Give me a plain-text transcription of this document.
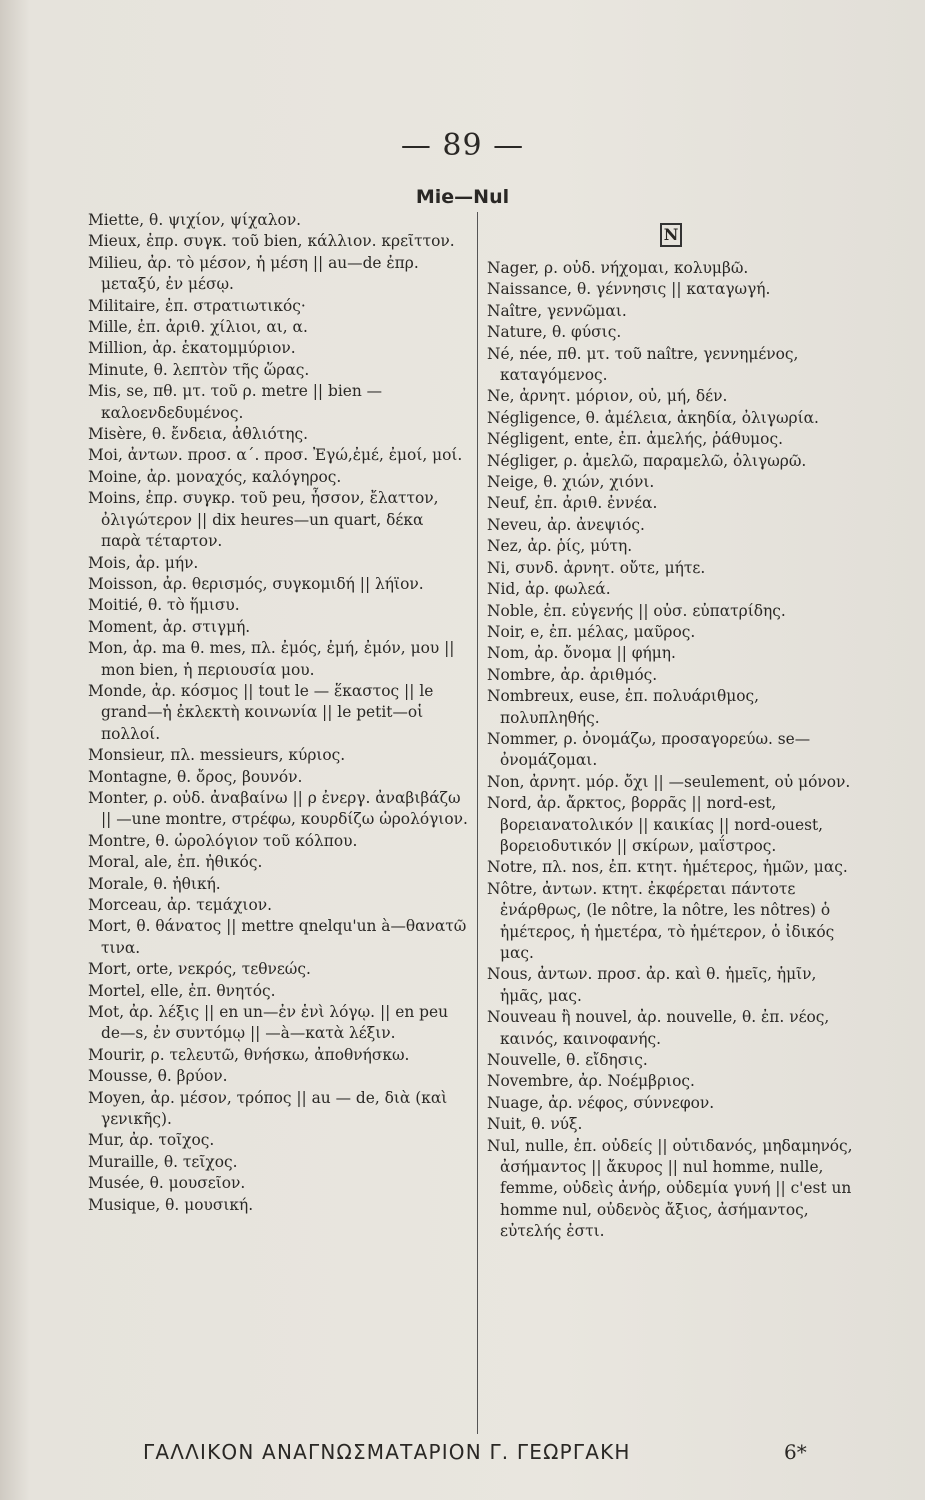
— 89 —
Mie—Nul

Miette, θ. ψιχίον, ψίχαλον.

Mieux, ἐπρ. συγκ. τοῦ bien, κάλλιον. κρεῖττον.

Milieu, ἀρ. τὸ μέσον, ἡ μέση || au—de ἐπρ. μεταξύ, ἐν μέσῳ.

Militaire, ἐπ. στρατιωτικός·

Mille, ἐπ. ἀριθ. χίλιοι, αι, α.

Million, ἀρ. ἑκατομμύριον.

Minute, θ. λεπτὸν τῆς ὥρας.

Mis, se, πθ. μτ. τοῦ ρ. metre || bien —καλοενδεδυμένος.

Misère, θ. ἔνδεια, ἀθλιότης.

Moi, ἀντων. προσ. α΄. προσ. Ἐγώ,ἐμέ, ἐμοί, μοί.

Moine, ἀρ. μοναχός, καλόγηρος.

Moins, ἐπρ. συγκρ. τοῦ peu, ἧσσον, ἔλαττον, ὀλιγώτερον || dix heures—un quart, δέκα παρὰ τέταρτον.

Mois, ἀρ. μήν.

Moisson, ἀρ. θερισμός, συγκομιδή || λήϊον.

Moitié, θ. τὸ ἥμισυ.

Moment, ἀρ. στιγμή.

Mon, ἀρ. ma θ. mes, πλ. ἐμός, ἐμή, ἐμόν, μου || mon bien, ἡ περιουσία μου.

Monde, ἀρ. κόσμος || tout le — ἕκαστος || le grand—ἡ ἐκλεκτὴ κοινωνία || le petit—οἱ πολλοί.

Monsieur, πλ. messieurs, κύριος.

Montagne, θ. ὄρος, βουνόν.

Monter, ρ. οὐδ. ἀναβαίνω || ρ ἐνεργ. ἀναβιβάζω || —une montre, στρέφω, κουρδίζω ὡρολόγιον.

Montre, θ. ὡρολόγιον τοῦ κόλπου.

Moral, ale, ἐπ. ἠθικός.

Morale, θ. ἠθική.

Morceau, ἀρ. τεμάχιον.

Mort, θ. θάνατος || mettre qnelqu'un à—θανατῶ τινα.

Mort, orte, νεκρός, τεθνεώς.

Mortel, elle, ἐπ. θνητός.

Mot, ἀρ. λέξις || en un—ἐν ἑνὶ λόγῳ. || en peu de—s, ἐν συντόμῳ || —à—κατὰ λέξιν.

Mourir, ρ. τελευτῶ, θνήσκω, ἀποθνήσκω.

Mousse, θ. βρύον.

Moyen, ἀρ. μέσον, τρόπος || au — de, διὰ (καὶ γενικῆς).

Mur, ἀρ. τοῖχος.

Muraille, θ. τεῖχος.

Musée, θ. μουσεῖον.

Musique, θ. μουσική.

N

Nager, ρ. οὐδ. νήχομαι, κολυμβῶ.

Naissance, θ. γέννησις || καταγωγή.

Naître, γεννῶμαι.

Nature, θ. φύσις.

Né, née, πθ. μτ. τοῦ naître, γεννημένος, καταγόμενος.

Ne, ἀρνητ. μόριον, οὐ, μή, δέν.

Négligence, θ. ἀμέλεια, ἀκηδία, ὀλιγωρία.

Négligent, ente, ἐπ. ἀμελής, ῥάθυμος.

Négliger, ρ. ἀμελῶ, παραμελῶ, ὀλιγωρῶ.

Neige, θ. χιών, χιόνι.

Neuf, ἐπ. ἀριθ. ἐννέα.

Neveu, ἀρ. ἀνεψιός.

Nez, ἀρ. ῥίς, μύτη.

Ni, συνδ. ἀρνητ. οὔτε, μήτε.

Nid, ἀρ. φωλεά.

Noble, ἐπ. εὐγενής || οὐσ. εὐπατρίδης.

Noir, e, ἐπ. μέλας, μαῦρος.

Nom, ἀρ. ὄνομα || φήμη.

Nombre, ἀρ. ἀριθμός.

Nombreux, euse, ἐπ. πολυάριθμος, πολυπληθής.

Nommer, ρ. ὀνομάζω, προσαγορεύω. se—ὀνομάζομαι.

Non, ἀρνητ. μόρ. ὄχι || —seulement, οὐ μόνον.

Nord, ἀρ. ἄρκτος, βορρᾶς || nord-est, βορειανατολικόν || καικίας || nord-ouest, βορειοδυτικόν || σκίρων, μαΐστρος.

Notre, πλ. nos, ἐπ. κτητ. ἡμέτερος, ἡμῶν, μας.

Nôtre, ἀντων. κτητ. ἐκφέρεται πάντοτε ἐνάρθρως, (le nôtre, la nôtre, les nôtres) ὁ ἡμέτερος, ἡ ἡμετέρα, τὸ ἡμέτερον, ὁ ἰδικός μας.

Nous, ἀντων. προσ. ἀρ. καὶ θ. ἡμεῖς, ἡμῖν, ἡμᾶς, μας.

Nouveau ἢ nouvel, ἀρ. nouvelle, θ. ἐπ. νέος, καινός, καινοφανής.

Nouvelle, θ. εἴδησις.

Novembre, ἀρ. Νοέμβριος.

Nuage, ἀρ. νέφος, σύννεφον.

Nuit, θ. νύξ.

Nul, nulle, ἐπ. οὐδείς || οὐτιδανός, μηδαμηνός, ἀσήμαντος || ἄκυρος || nul homme, nulle, femme, οὐδεὶς ἀνήρ, οὐδεμία γυνή || c'est un homme nul, οὐδενὸς ἄξιος, ἀσήμαντος, εὐτελής ἐστι.

ΓΑΛΛΙΚΟΝ ΑΝΑΓΝΩΣΜΑΤΑΡΙΟΝ Γ. ΓΕΩΡΓΑΚΗ	6*
